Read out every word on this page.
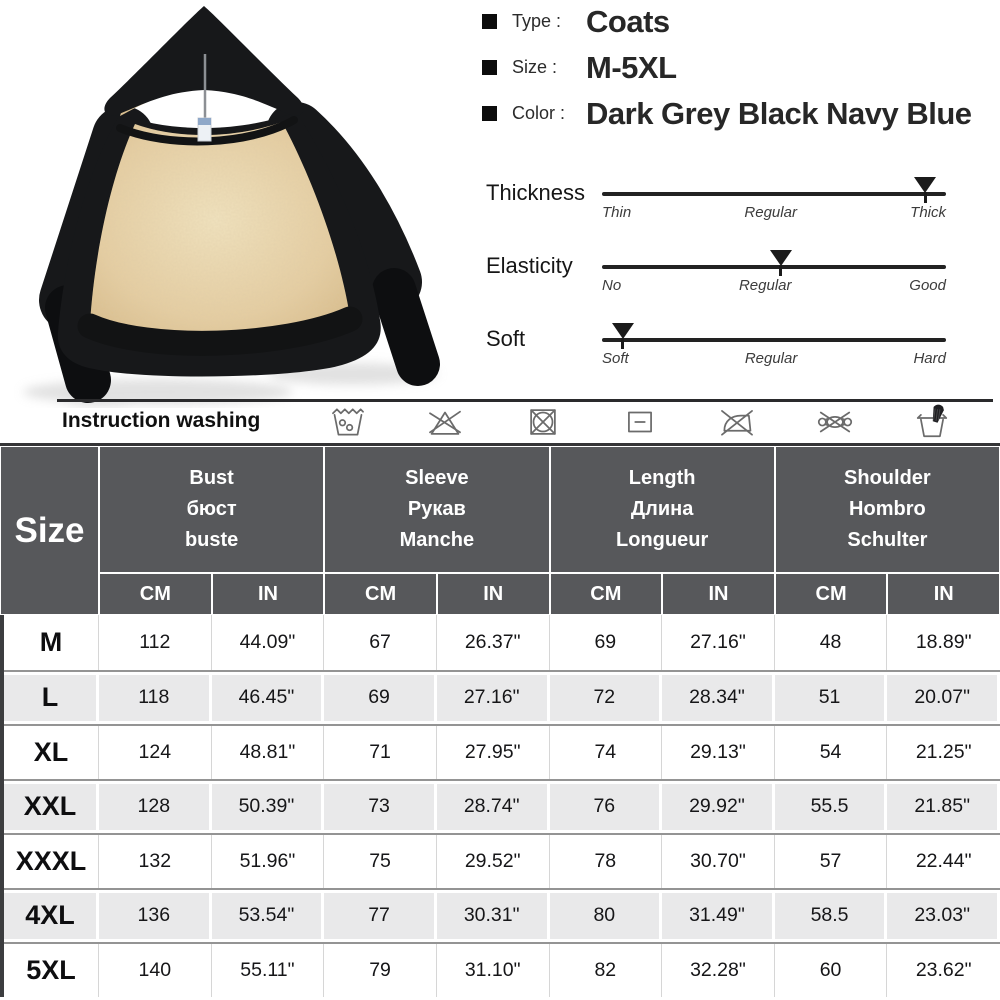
Type : Coats
Size : M-5XL
Color : Dark Grey Black Navy Blue
Thickness
Thin	Regular	Thick
Elasticity
No	Regular	Good
Soft
Soft	Regular	Hard
Instruction washing
Size
Bust
бюст
buste
Sleeve
Рукав
Manche
Length
Длина
Longueur
Shoulder
Hombro
Schulter
CM	IN	CM	IN	CM	IN	CM	IN
M	112	44.09"	67	26.37"	69	27.16"	48	18.89"
L	118	46.45"	69	27.16"	72	28.34"	51	20.07"
XL	124	48.81"	71	27.95"	74	29.13"	54	21.25"
XXL	128	50.39"	73	28.74"	76	29.92"	55.5	21.85"
XXXL	132	51.96"	75	29.52"	78	30.70"	57	22.44"
4XL	136	53.54"	77	30.31"	80	31.49"	58.5	23.03"
5XL	140	55.11"	79	31.10"	82	32.28"	60	23.62"
